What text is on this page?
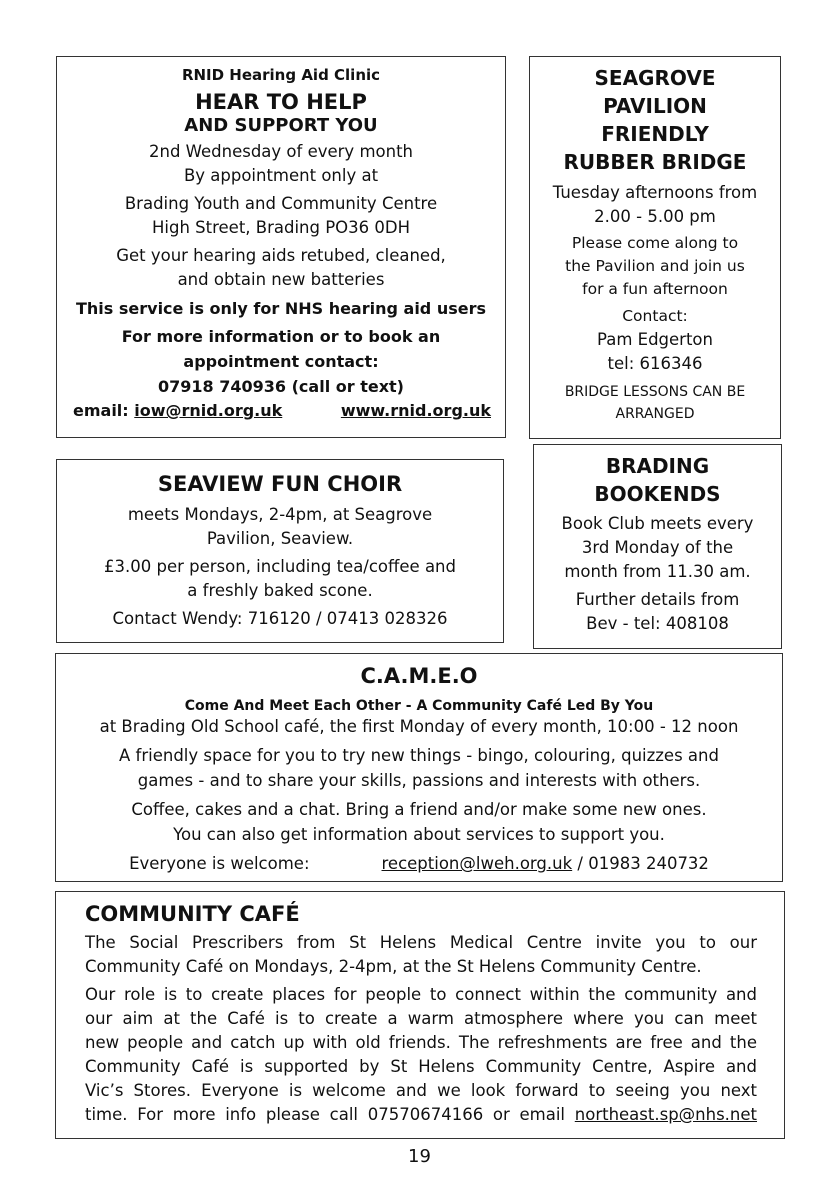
RNID Hearing Aid Clinic

HEAR TO HELP

AND SUPPORT YOU

2nd Wednesday of every month

By appointment only at

Brading Youth and Community Centre

High Street, Brading PO36 0DH

Get your hearing aids retubed, cleaned,

and obtain new batteries

This service is only for NHS hearing aid users

For more information or to book an

appointment contact:

07918 740936 (call or text)

email: iow@rnid.org.uk	www.rnid.org.uk

SEAGROVE

PAVILION

FRIENDLY

RUBBER BRIDGE

Tuesday afternoons from

2.00 - 5.00 pm

Please come along to

the Pavilion and join us

for a fun afternoon

Contact:

Pam Edgerton

tel: 616346

BRIDGE LESSONS CAN BE

ARRANGED

SEAVIEW FUN CHOIR

meets Mondays, 2-4pm, at Seagrove

Pavilion, Seaview.

£3.00 per person, including tea/coffee and

a freshly baked scone.

Contact Wendy: 716120 / 07413 028326

BRADING

BOOKENDS

Book Club meets every

3rd Monday of the

month from 11.30 am.

Further details from

Bev - tel: 408108

C.A.M.E.O

Come And Meet Each Other - A Community Café Led By You

at Brading Old School café, the first Monday of every month, 10:00 - 12 noon

A friendly space for you to try new things - bingo, colouring, quizzes and

games - and to share your skills, passions and interests with others.

Coffee, cakes and a chat. Bring a friend and/or make some new ones.

You can also get information about services to support you.

Everyone is welcome:	reception@lweh.org.uk / 01983 240732

COMMUNITY CAFÉ

The Social Prescribers from St Helens Medical Centre invite you to our
Community Café on Mondays, 2-4pm, at the St Helens Community Centre.
Our role is to create places for people to connect within the community and
our aim at the Café is to create a warm atmosphere where you can meet
new people and catch up with old friends. The refreshments are free and the
Community Café is supported by St Helens Community Centre, Aspire and
Vic’s Stores. Everyone is welcome and we look forward to seeing you next
time. For more info please call 07570674166 or email northeast.sp@nhs.net
19
